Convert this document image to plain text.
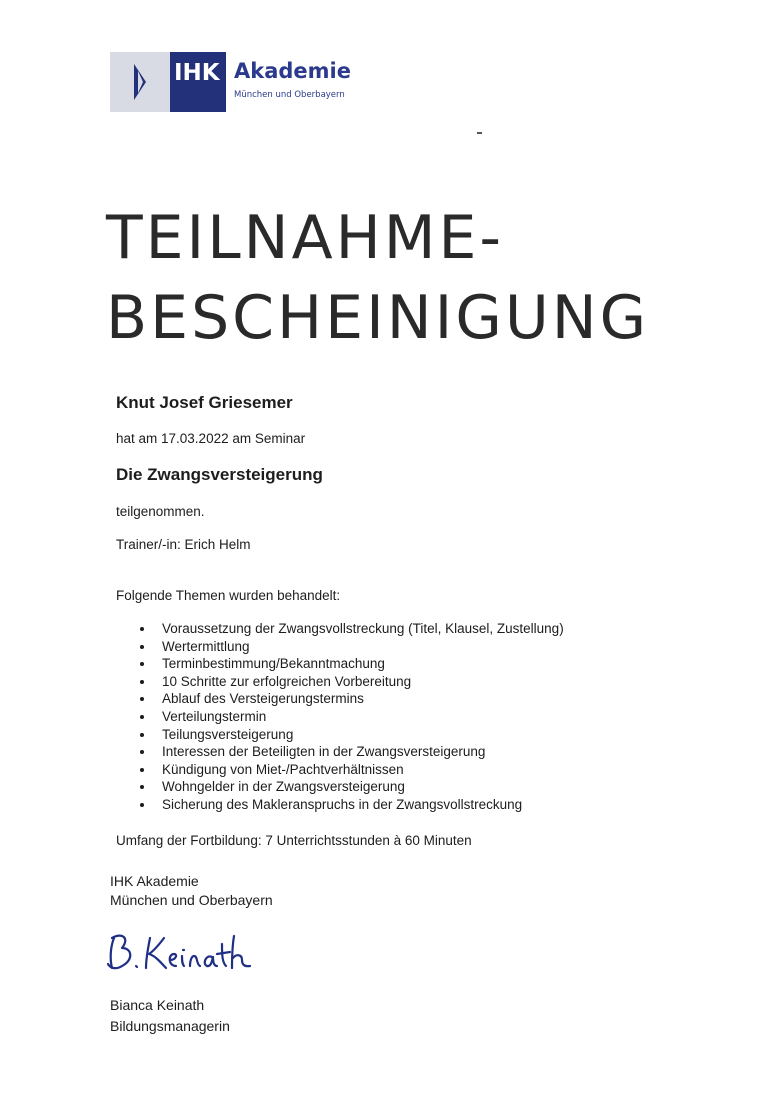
IHK Akademie
München und Oberbayern
TEILNAHME-
BESCHEINIGUNG
Knut Josef Griesemer
hat am 17.03.2022 am Seminar
Die Zwangsversteigerung
teilgenommen.
Trainer/-in: Erich Helm
Folgende Themen wurden behandelt:
Voraussetzung der Zwangsvollstreckung (Titel, Klausel, Zustellung)
Wertermittlung
Terminbestimmung/Bekanntmachung
10 Schritte zur erfolgreichen Vorbereitung
Ablauf des Versteigerungstermins
Verteilungstermin
Teilungsversteigerung
Interessen der Beteiligten in der Zwangsversteigerung
Kündigung von Miet-/Pachtverhältnissen
Wohngelder in der Zwangsversteigerung
Sicherung des Makleranspruchs in der Zwangsvollstreckung
Umfang der Fortbildung: 7 Unterrichtsstunden à 60 Minuten
IHK Akademie
München und Oberbayern
Bianca Keinath
Bildungsmanagerin
